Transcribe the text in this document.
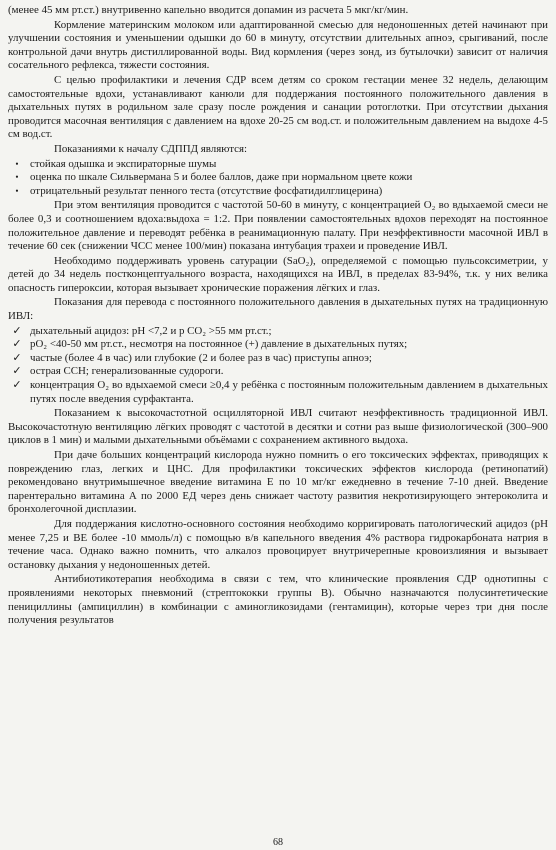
(менее 45 мм рт.ст.) внутривенно капельно вводится допамин из расчета 5 мкг/кг/мин.

Кормление материнским молоком или адаптированной смесью для недоношенных детей начинают при улучшении состояния и уменьшении одышки до 60 в минуту, отсутствии длительных апноэ, срыгиваний, после контрольной дачи внутрь дистиллированной воды. Вид кормления (через зонд, из бутылочки) зависит от наличия сосательного рефлекса, тяжести состояния.

С целью профилактики и лечения СДР всем детям со сроком гестации менее 32 недель, делающим самостоятельные вдохи, устанавливают канюли для поддержания постоянного положительного давления в дыхательных путях в родильном зале сразу после рождения и санации ротоглотки. При отсутствии дыхания проводится масочная вентиляция с давлением на вдохе 20-25 см вод.ст. и положительным давлением на выдохе 4-5 см вод.ст.

Показаниями к началу СДППД являются:

•	стойкая одышка и экспираторные шумы
•	оценка по шкале Сильвермана 5 и более баллов, даже при нормальном цвете кожи
•	отрицательный результат пенного теста (отсутствие фосфатидилглицерина)

При этом вентиляция проводится с частотой 50-60 в минуту, с концентрацией O₂ во вдыхаемой смеси не более 0,3 и соотношением вдоха:выдоха = 1:2. При появлении самостоятельных вдохов переходят на постоянное положительное давление и переводят ребёнка в реанимационную палату. При неэффективности масочной ИВЛ в течение 60 сек (снижении ЧСС менее 100/мин) показана интубация трахеи и проведение ИВЛ.

Необходимо поддерживать уровень сатурации (SaO₂), определяемой с помощью пульсоксиметрии, у детей до 34 недель постконцептуального возраста, находящихся на ИВЛ, в пределах 83-94%, т.к. у них велика опасность гипероксии, которая вызывает хронические поражения лёгких и глаз.

Показания для перевода с постоянного положительного давления в дыхательных путях на традиционную ИВЛ:

✓ дыхательный ацидоз: pH <7,2 и p CO₂ >55 мм рт.ст.;
✓ pO₂ <40-50 мм рт.ст., несмотря на постоянное (+) давление в дыхательных путях;
✓ частые (более 4 в час) или глубокие (2 и более раз в час) приступы апноэ;
✓ острая ССН; генерализованные судороги.
✓ концентрация O₂ во вдыхаемой смеси ≥0,4 у ребёнка с постоянным положительным давлением в дыхательных путях после введения сурфактанта.

Показанием к высокочастотной осцилляторной ИВЛ считают неэффективность традиционной ИВЛ. Высокочастотную вентиляцию лёгких проводят с частотой в десятки и сотни раз выше физиологической (300–900 циклов в 1 мин) и малыми дыхательными объёмами с сохранением активного выдоха.

При даче больших концентраций кислорода нужно помнить о его токсических эффектах, приводящих к повреждению глаз, легких и ЦНС. Для профилактики токсических эффектов кислорода (ретинопатий) рекомендовано внутримышечное введение витамина Е по 10 мг/кг ежедневно в течение 7-10 дней. Введение парентерально витамина А по 2000 ЕД через день снижает частоту развития некротизирующего энтероколита и бронхолегочной дисплазии.

Для поддержания кислотно-основного состояния необходимо корригировать патологический ацидоз (pH менее 7,25 и BE более -10 ммоль/л) с помощью в/в капельного введения 4% раствора гидрокарбоната натрия в течение часа. Однако важно помнить, что алкалоз провоцирует внутричерепные кровоизлияния и вызывает остановку дыхания у недоношенных детей.

Антибиотикотерапия необходима в связи с тем, что клинические проявления СДР однотипны с проявлениями некоторых пневмоний (стрептококки группы B). Обычно назначаются полусинтетические пенициллины (ампициллин) в комбинации с аминогликозидами (гентамицин), которые через три дня после получения результатов

68
